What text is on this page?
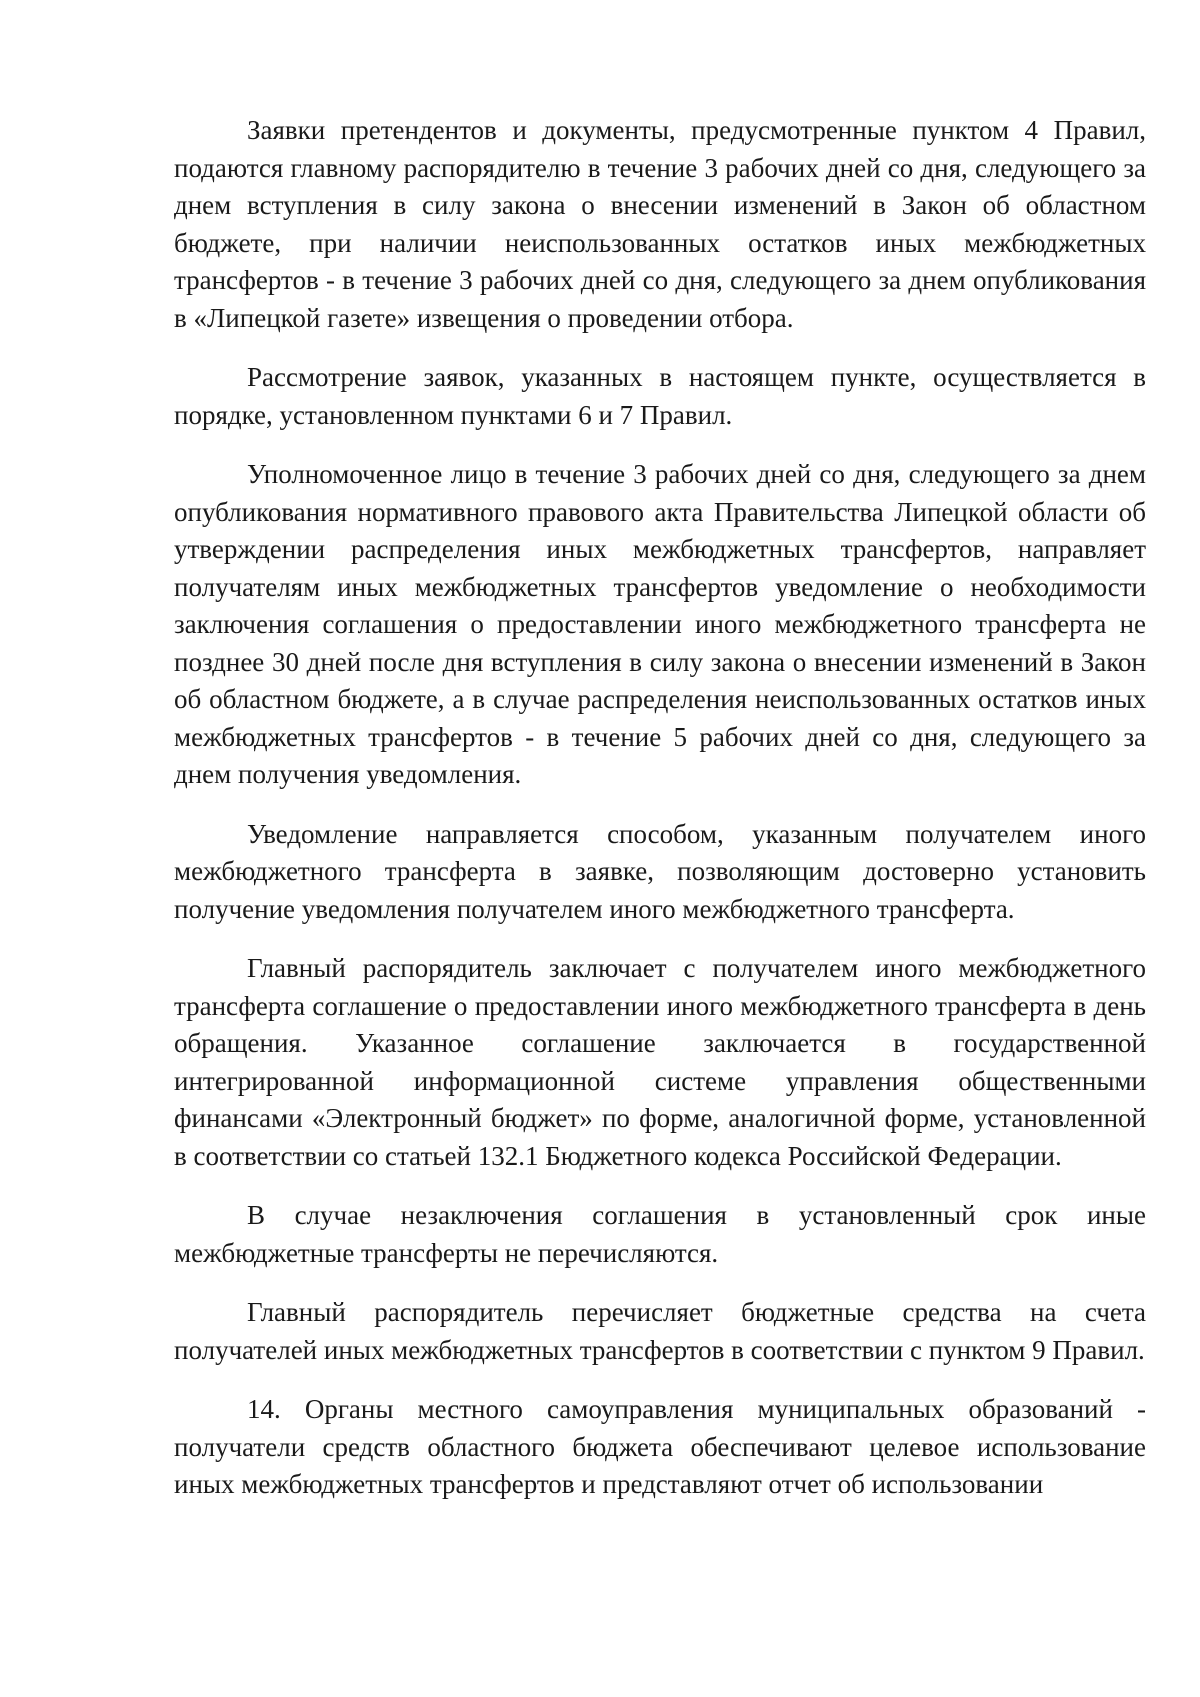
Заявки претендентов и документы, предусмотренные пунктом 4 Правил, подаются главному распорядителю в течение 3 рабочих дней со дня, следующего за днем вступления в силу закона о внесении изменений в Закон об областном бюджете, при наличии неиспользованных остатков иных межбюджетных трансфертов - в течение 3 рабочих дней со дня, следующего за днем опубликования в «Липецкой газете» извещения о проведении отбора.

Рассмотрение заявок, указанных в настоящем пункте, осуществляется в порядке, установленном пунктами 6 и 7 Правил.

Уполномоченное лицо в течение 3 рабочих дней со дня, следующего за днем опубликования нормативного правового акта Правительства Липецкой области об утверждении распределения иных межбюджетных трансфертов, направляет получателям иных межбюджетных трансфертов уведомление о необходимости заключения соглашения о предоставлении иного межбюджетного трансферта не позднее 30 дней после дня вступления в силу закона о внесении изменений в Закон об областном бюджете, а в случае распределения неиспользованных остатков иных межбюджетных трансфертов - в течение 5 рабочих дней со дня, следующего за днем получения уведомления.

Уведомление направляется способом, указанным получателем иного межбюджетного трансферта в заявке, позволяющим достоверно установить получение уведомления получателем иного межбюджетного трансферта.

Главный распорядитель заключает с получателем иного межбюджетного трансферта соглашение о предоставлении иного межбюджетного трансферта в день обращения. Указанное соглашение заключается в государственной интегрированной информационной системе управления общественными финансами «Электронный бюджет» по форме, аналогичной форме, установленной в соответствии со статьей 132.1 Бюджетного кодекса Российской Федерации.

В случае незаключения соглашения в установленный срок иные межбюджетные трансферты не перечисляются.

Главный распорядитель перечисляет бюджетные средства на счета получателей иных межбюджетных трансфертов в соответствии с пунктом 9 Правил.

14. Органы местного самоуправления муниципальных образований - получатели средств областного бюджета обеспечивают целевое использование иных межбюджетных трансфертов и представляют отчет об использовании
